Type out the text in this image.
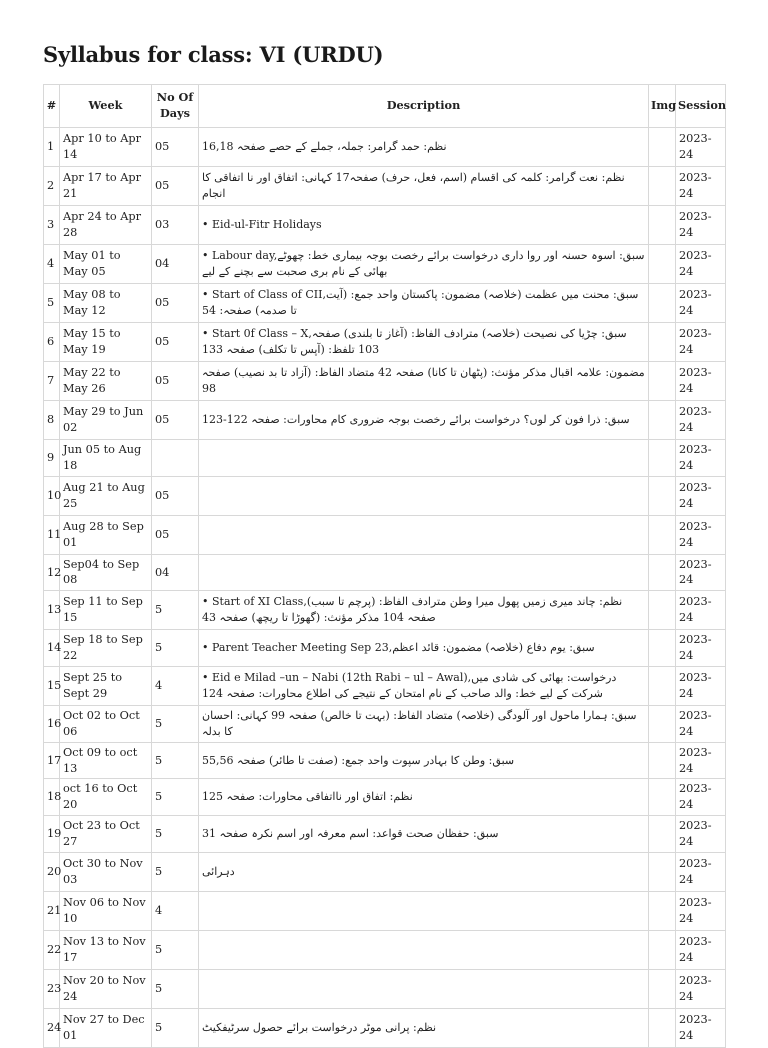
Syllabus for class: VI (URDU)
#	Week	No Of Days	Description	Img	Session
1	Apr 10 to Apr 14	05	نظم: حمد گرامر: جملہ، جملے کے حصے صفحہ 16,18		2023-24
2	Apr 17 to Apr 21	05	نظم: نعت گرامر: کلمہ کی اقسام (اسم، فعل، حرف) صفحہ17 کہانی: اتفاق اور نا اتفاقی کا انجام		2023-24
3	Apr 24 to Apr 28	03	• Eid-ul-Fitr Holidays		2023-24
4	May 01 to May 05	04	• Labour day,سبق: اسوہ حسنہ اور روا داری درخواست برائے رخصت بوجہ بیماری خط: چھوٹے بھائی کے نام بری صحبت سے بچنے کے لیے		2023-24
5	May 08 to May 12	05	• Start of Class of CII,سبق: محنت میں عظمت (خلاصہ) مضمون: پاکستان واحد جمع: (آیت تا صدمہ) صفحہ: 54		2023-24
6	May 15 to May 19	05	• Start 0f Class – X,سبق: چڑیا کی نصیحت (خلاصہ) مترادف الفاظ: (آغاز تا بلندی) صفحہ 103 تلفظ: (آپس تا تکلف) صفحہ 133		2023-24
7	May 22 to May 26	05	مضمون: علامہ اقبال مذکر مؤنث: (پٹھان تا کانا) صفحہ 42 متضاد الفاظ: (آزاد تا بد نصیب) صفحہ 98		2023-24
8	May 29 to Jun 02	05	سبق: ذرا فون کر لوں؟ درخواست برائے رخصت بوجہ ضروری کام محاورات: صفحہ 122-123		2023-24
9	Jun 05 to Aug 18				2023-24
10	Aug 21 to Aug 25	05			2023-24
11	Aug 28 to Sep 01	05			2023-24
12	Sep04 to Sep 08	04			2023-24
13	Sep 11 to Sep 15	5	• Start of XI Class,نظم: چاند میری زمیں پھول میرا وطن مترادف الفاظ: (پرچم تا سبب) صفحہ 104 مذکر مؤنث: (گھوڑا تا ریچھ) صفحہ 43		2023-24
14	Sep 18 to Sep 22	5	• Parent Teacher Meeting Sep 23,سبق: یوم دفاع (خلاصہ) مضمون: قائد اعظم		2023-24
15	Sept 25 to Sept 29	4	• Eid e Milad –un – Nabi (12th Rabi – ul – Awal),درخواست: بھائی کی شادی میں شرکت کے لیے خط: والد صاحب کے نام امتحان کے نتیجے کی اطلاع محاورات: صفحہ 124		2023-24
16	Oct 02 to Oct 06	5	سبق: ہمارا ماحول اور آلودگی (خلاصہ) متضاد الفاظ: (بہت تا خالص) صفحہ 99 کہانی: احسان کا بدلہ		2023-24
17	Oct 09 to oct 13	5	سبق: وطن کا بہادر سپوت واحد جمع: (صفت تا طائر) صفحہ 55,56		2023-24
18	oct 16 to Oct 20	5	نظم: اتفاق اور نااتفاقی محاورات: صفحہ 125		2023-24
19	Oct 23 to Oct 27	5	سبق: حفظان صحت قواعد: اسم معرفہ اور اسم نکرہ صفحہ 31		2023-24
20	Oct 30 to Nov 03	5	دہرائی		2023-24
21	Nov 06 to Nov 10	4			2023-24
22	Nov 13 to Nov 17	5			2023-24
23	Nov 20 to Nov 24	5			2023-24
24	Nov 27 to Dec 01	5	نظم: پرانی موٹر درخواست برائے حصول سرٹیفکیٹ		2023-24
